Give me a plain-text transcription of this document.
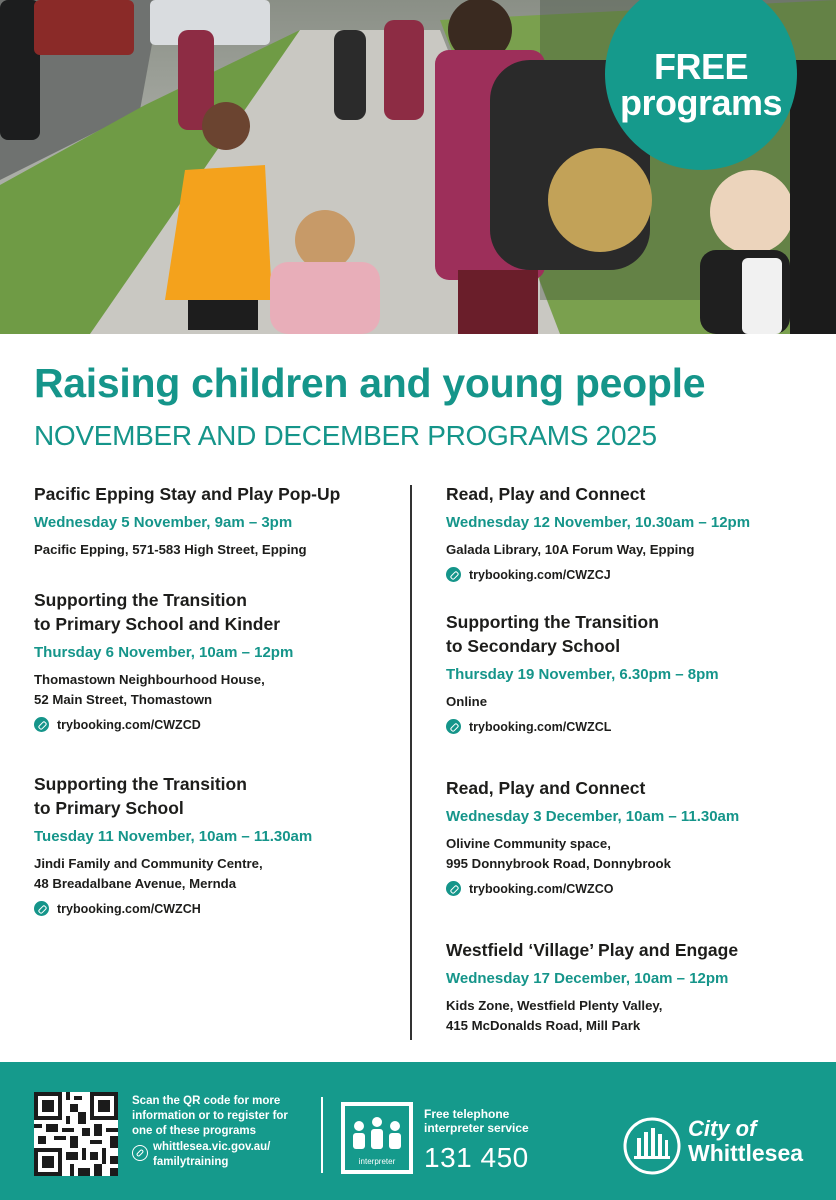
FREE
programs
Raising children and young people
NOVEMBER AND DECEMBER PROGRAMS 2025
Pacific Epping Stay and Play Pop-Up
Wednesday 5 November, 9am – 3pm
Pacific Epping, 571-583 High Street, Epping
Supporting the Transition
to Primary School and Kinder
Thursday 6 November, 10am – 12pm
Thomastown Neighbourhood House,
52 Main Street, Thomastown
trybooking.com/CWZCD
Supporting the Transition
to Primary School
Tuesday 11 November, 10am – 11.30am
Jindi Family and Community Centre,
48 Breadalbane Avenue, Mernda
trybooking.com/CWZCH
Read, Play and Connect
Wednesday 12 November, 10.30am – 12pm
Galada Library, 10A Forum Way, Epping
trybooking.com/CWZCJ
Supporting the Transition
to Secondary School
Thursday 19 November, 6.30pm – 8pm
Online
trybooking.com/CWZCL
Read, Play and Connect
Wednesday 3 December, 10am – 11.30am
Olivine Community space,
995 Donnybrook Road, Donnybrook
trybooking.com/CWZCO
Westfield ‘Village’ Play and Engage
Wednesday 17 December, 10am – 12pm
Kids Zone, Westfield Plenty Valley,
415 McDonalds Road, Mill Park
Scan the QR code for more
information or to register for
one of these programs
whittlesea.vic.gov.au/
familytraining	interpreter
Free telephone
interpreter service
131 450
City of
Whittlesea
